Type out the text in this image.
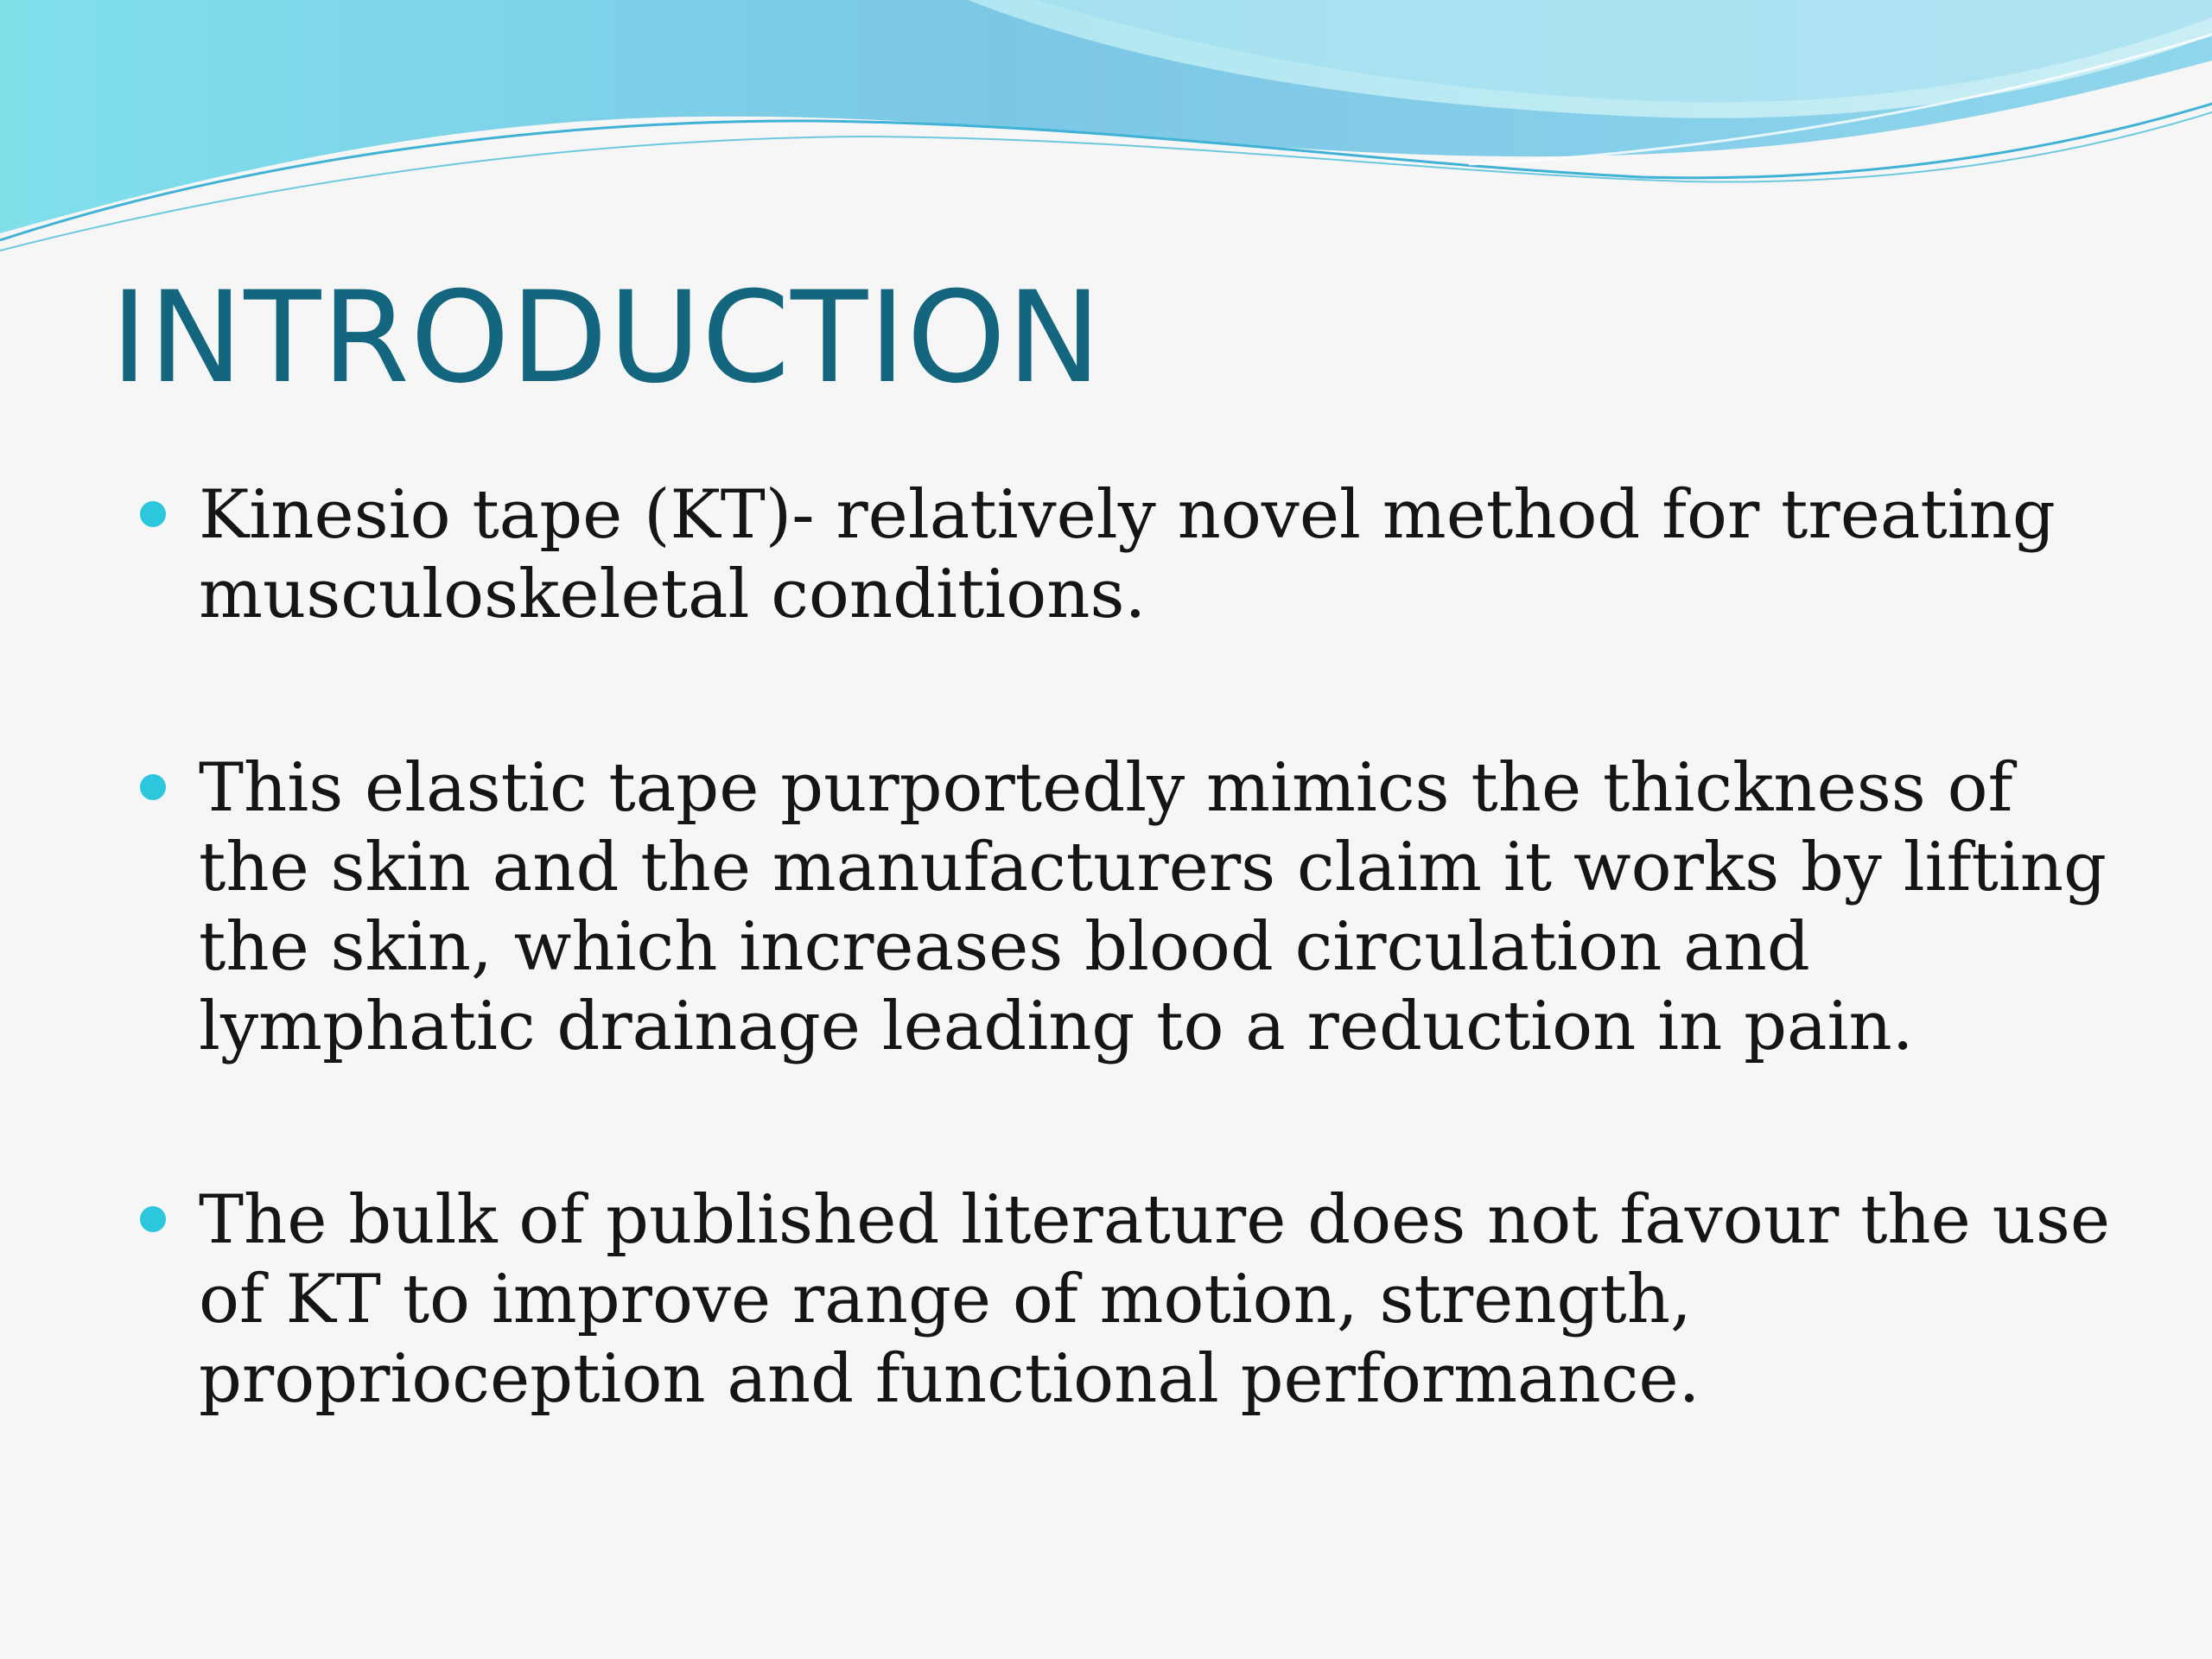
INTRODUCTION
Kinesio tape (KT)- relatively novel method for treating musculoskeletal conditions.
This elastic tape purportedly mimics the thickness of the skin and the manufacturers claim it works by lifting the skin, which increases blood circulation and lymphatic drainage leading to a reduction in pain.
The bulk of published literature does not favour the use of KT to improve range of motion, strength, proprioception and functional performance.
